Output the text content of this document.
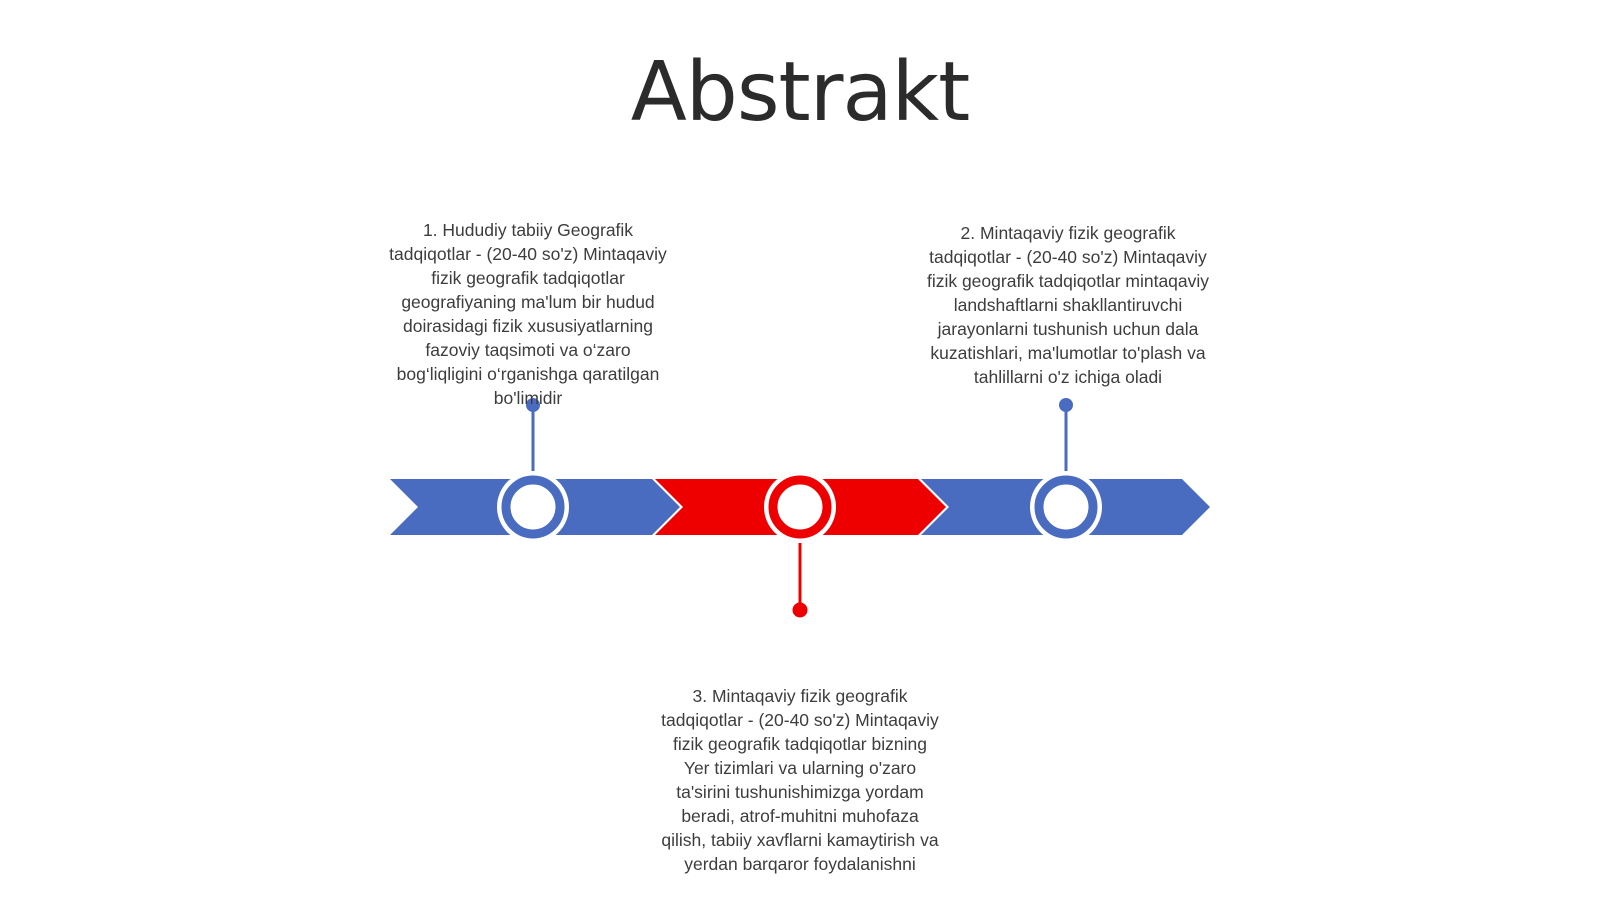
Abstrakt
1. Hududiy tabiiy Geografik tadqiqotlar - (20-40 so'z) Mintaqaviy fizik geografik tadqiqotlar geografiyaning ma'lum bir hudud doirasidagi fizik xususiyatlarning fazoviy taqsimoti va o‘zaro bog‘liqligini o‘rganishga qaratilgan bo'limidir
2. Mintaqaviy fizik geografik tadqiqotlar - (20-40 so'z) Mintaqaviy fizik geografik tadqiqotlar mintaqaviy landshaftlarni shakllantiruvchi jarayonlarni tushunish uchun dala kuzatishlari, ma'lumotlar to'plash va tahlillarni o'z ichiga oladi
3. Mintaqaviy fizik geografik tadqiqotlar - (20-40 so'z) Mintaqaviy fizik geografik tadqiqotlar bizning Yer tizimlari va ularning o'zaro ta'sirini tushunishimizga yordam beradi, atrof-muhitni muhofaza qilish, tabiiy xavflarni kamaytirish va yerdan barqaror foydalanishni
